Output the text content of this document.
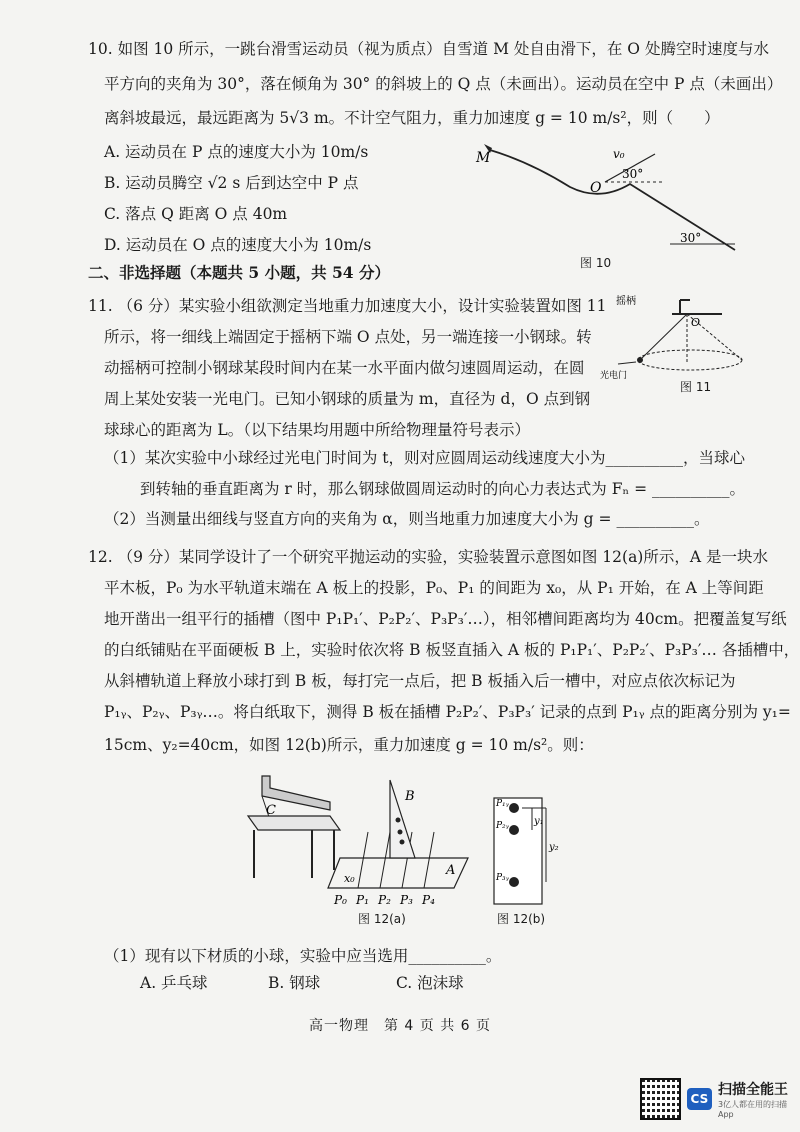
10. 如图 10 所示，一跳台滑雪运动员（视为质点）自雪道 M 处自由滑下，在 O 处腾空时速度与水
平方向的夹角为 30°，落在倾角为 30° 的斜坡上的 Q 点（未画出）。运动员在空中 P 点（未画出）
离斜坡最远，最远距离为 5√3 m。不计空气阻力，重力加速度 g = 10 m/s²，则（　　）
A. 运动员在 P 点的速度大小为 10m/s
B. 运动员腾空 √2 s 后到达空中 P 点
C. 落点 Q 距离 O 点 40m
D. 运动员在 O 点的速度大小为 10m/s
M
O
v₀
30°
30°
图 10
二、非选择题（本题共 5 小题，共 54 分）
11. （6 分）某实验小组欲测定当地重力加速度大小，设计实验装置如图 11
所示，将一细线上端固定于摇柄下端 O 点处，另一端连接一小钢球。转
动摇柄可控制小钢球某段时间内在某一水平面内做匀速圆周运动，在圆
周上某处安装一光电门。已知小钢球的质量为 m，直径为 d，O 点到钢
球球心的距离为 L。（以下结果均用题中所给物理量符号表示）
（1）某次实验中小球经过光电门时间为 t，则对应圆周运动线速度大小为__________，当球心
到转轴的垂直距离为 r 时，那么钢球做圆周运动时的向心力表达式为 Fₙ = __________。
（2）当测量出细线与竖直方向的夹角为 α，则当地重力加速度大小为 g = __________。
摇柄
O
光电门
图 11
12. （9 分）某同学设计了一个研究平抛运动的实验，实验装置示意图如图 12(a)所示，A 是一块水
平木板，P₀ 为水平轨道末端在 A 板上的投影，P₀、P₁ 的间距为 x₀，从 P₁ 开始，在 A 上等间距
地开凿出一组平行的插槽（图中 P₁P₁′、P₂P₂′、P₃P₃′…），相邻槽间距离均为 40cm。把覆盖复写纸
的白纸铺贴在平面硬板 B 上，实验时依次将 B 板竖直插入 A 板的 P₁P₁′、P₂P₂′、P₃P₃′… 各插槽中，
从斜槽轨道上释放小球打到 B 板，每打完一点后，把 B 板插入后一槽中，对应点依次标记为
P₁ᵧ、P₂ᵧ、P₃ᵧ…。将白纸取下，测得 B 板在插槽 P₂P₂′、P₃P₃′ 记录的点到 P₁ᵧ 点的距离分别为 y₁=
15cm、y₂=40cm，如图 12(b)所示，重力加速度 g = 10 m/s²。则：
C
B
A
x₀
P₀ P₁ P₂ P₃ P₄
图 12(a)
P₁ᵧ
P₂ᵧ
P₃ᵧ
y₁
y₂
图 12(b)
（1）现有以下材质的小球，实验中应当选用__________。
A. 乒乓球	B. 钢球	C. 泡沫球
高一物理　第 4 页 共 6 页
CS
扫描全能王
3亿人都在用的扫描App
